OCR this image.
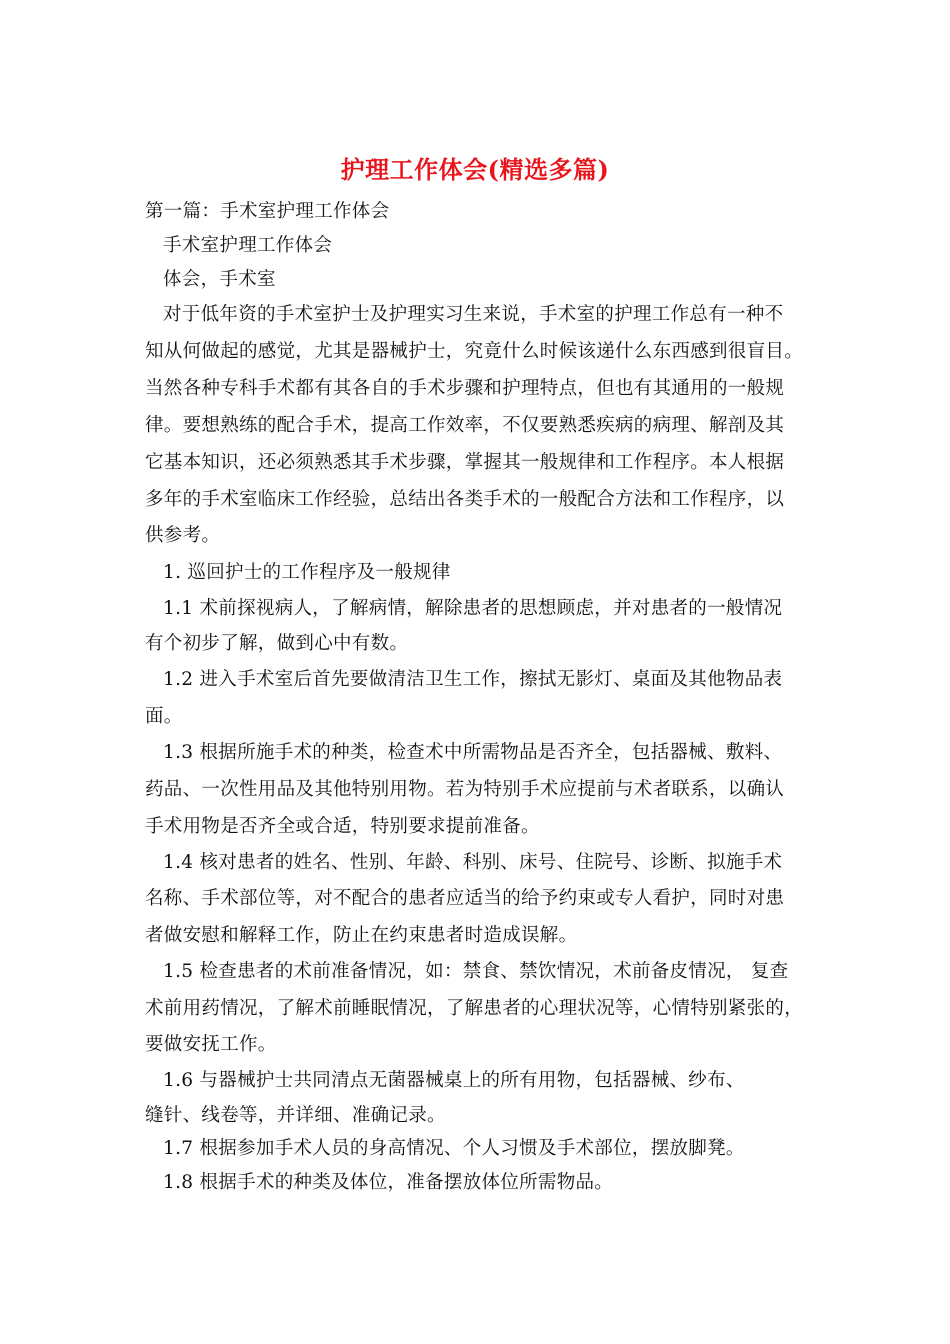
护理工作体会(精选多篇)
第一篇：手术室护理工作体会
手术室护理工作体会
体会，手术室
对于低年资的手术室护士及护理实习生来说，手术室的护理工作总有一种不
知从何做起的感觉，尤其是器械护士，究竟什么时候该递什么东西感到很盲目。
当然各种专科手术都有其各自的手术步骤和护理特点，但也有其通用的一般规
律。要想熟练的配合手术，提高工作效率，不仅要熟悉疾病的病理、解剖及其
它基本知识，还必须熟悉其手术步骤，掌握其一般规律和工作程序。本人根据
多年的手术室临床工作经验，总结出各类手术的一般配合方法和工作程序，以
供参考。
1. 巡回护士的工作程序及一般规律
1.1 术前探视病人，了解病情，解除患者的思想顾虑，并对患者的一般情况
有个初步了解，做到心中有数。
1.2 进入手术室后首先要做清洁卫生工作，擦拭无影灯、桌面及其他物品表
面。
1.3 根据所施手术的种类，检查术中所需物品是否齐全，包括器械、敷料、
药品、一次性用品及其他特别用物。若为特别手术应提前与术者联系，以确认
手术用物是否齐全或合适，特别要求提前准备。
1.4 核对患者的姓名、性别、年龄、科别、床号、住院号、诊断、拟施手术
名称、手术部位等，对不配合的患者应适当的给予约束或专人看护，同时对患
者做安慰和解释工作，防止在约束患者时造成误解。
1.5 检查患者的术前准备情况，如：禁食、禁饮情况，术前备皮情况， 复查
术前用药情况，了解术前睡眠情况，了解患者的心理状况等，心情特别紧张的，
要做安抚工作。
1.6 与器械护士共同清点无菌器械桌上的所有用物，包括器械、纱布、
缝针、线卷等，并详细、准确记录。
1.7 根据参加手术人员的身高情况、个人习惯及手术部位，摆放脚凳。
1.8 根据手术的种类及体位，准备摆放体位所需物品。
